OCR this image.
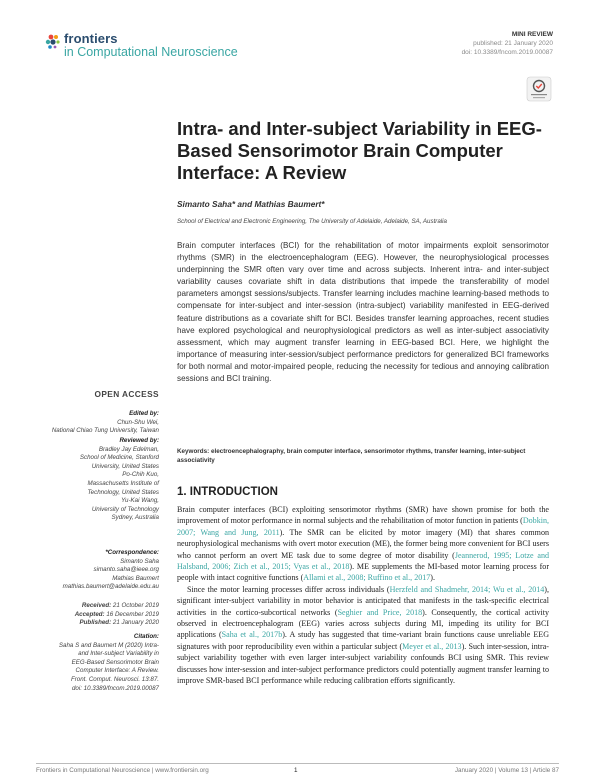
frontiers
in Computational Neuroscience
MINI REVIEW
published: 21 January 2020
doi: 10.3389/fncom.2019.00087
Intra- and Inter-subject Variability in EEG-Based Sensorimotor Brain Computer Interface: A Review
Simanto Saha* and Mathias Baumert*
School of Electrical and Electronic Engineering, The University of Adelaide, Adelaide, SA, Australia
Brain computer interfaces (BCI) for the rehabilitation of motor impairments exploit sensorimotor rhythms (SMR) in the electroencephalogram (EEG). However, the neurophysiological processes underpinning the SMR often vary over time and across subjects. Inherent intra- and inter-subject variability causes covariate shift in data distributions that impede the transferability of model parameters amongst sessions/subjects. Transfer learning includes machine learning-based methods to compensate for inter-subject and inter-session (intra-subject) variability manifested in EEG-derived feature distributions as a covariate shift for BCI. Besides transfer learning approaches, recent studies have explored psychological and neurophysiological predictors as well as inter-subject associativity assessment, which may augment transfer learning in EEG-based BCI. Here, we highlight the importance of measuring inter-session/subject performance predictors for generalized BCI frameworks for both normal and motor-impaired people, reducing the necessity for tedious and annoying calibration sessions and BCI training.
Keywords: electroencephalography, brain computer interface, sensorimotor rhythms, transfer learning, inter-subject associativity
1. INTRODUCTION

Brain computer interfaces (BCI) exploiting sensorimotor rhythms (SMR) have shown promise for both the improvement of motor performance in normal subjects and the rehabilitation of motor function in patients (Dobkin, 2007; Wang and Jung, 2011). The SMR can be elicited by motor imagery (MI) that shares common neurophysiological mechanisms with overt motor execution (ME), the former being more convenient for BCI users who cannot perform an overt ME task due to some degree of motor disability (Jeannerod, 1995; Lotze and Halsband, 2006; Zich et al., 2015; Vyas et al., 2018). ME supplements the MI-based motor learning process for people with intact cognitive functions (Allami et al., 2008; Ruffino et al., 2017).

Since the motor learning processes differ across individuals (Herzfeld and Shadmehr, 2014; Wu et al., 2014), significant inter-subject variability in motor behavior is anticipated that manifests in the task-specific electrical activities in the cortico-subcortical networks (Seghier and Price, 2018). Consequently, the cortical activity observed in electroencephalogram (EEG) varies across subjects during MI, impeding its utility for BCI applications (Saha et al., 2017b). A study has suggested that time-variant brain functions cause unreliable EEG signatures with poor reproducibility even within a particular subject (Meyer et al., 2013). Such inter-session, intra-subject variability together with even larger inter-subject variability confounds BCI using SMR. This review discusses how inter-session and inter-subject performance predictors could potentially augment transfer learning to improve SMR-based BCI performance while reducing calibration efforts significantly.

OPEN ACCESS
Edited by:
Chun-Shu Wei,
National Chiao Tung University, Taiwan
Reviewed by:
Bradley Jay Edelman,
School of Medicine, Stanford
University, United States
Po-Chih Kuo,
Massachusetts Institute of
Technology, United States
Yu-Kai Wang,
University of Technology
Sydney, Australia
*Correspondence:
Simanto Saha
simanto.saha@ieee.org
Mathias Baumert
mathias.baumert@adelaide.edu.au
Received: 21 October 2019
Accepted: 16 December 2019
Published: 21 January 2020
Citation:
Saha S and Baumert M (2020) Intra-
and Inter-subject Variability in
EEG-Based Sensorimotor Brain
Computer Interface: A Review.
Front. Comput. Neurosci. 13:87.
doi: 10.3389/fncom.2019.00087
Frontiers in Computational Neuroscience | www.frontiersin.org	1	January 2020 | Volume 13 | Article 87
